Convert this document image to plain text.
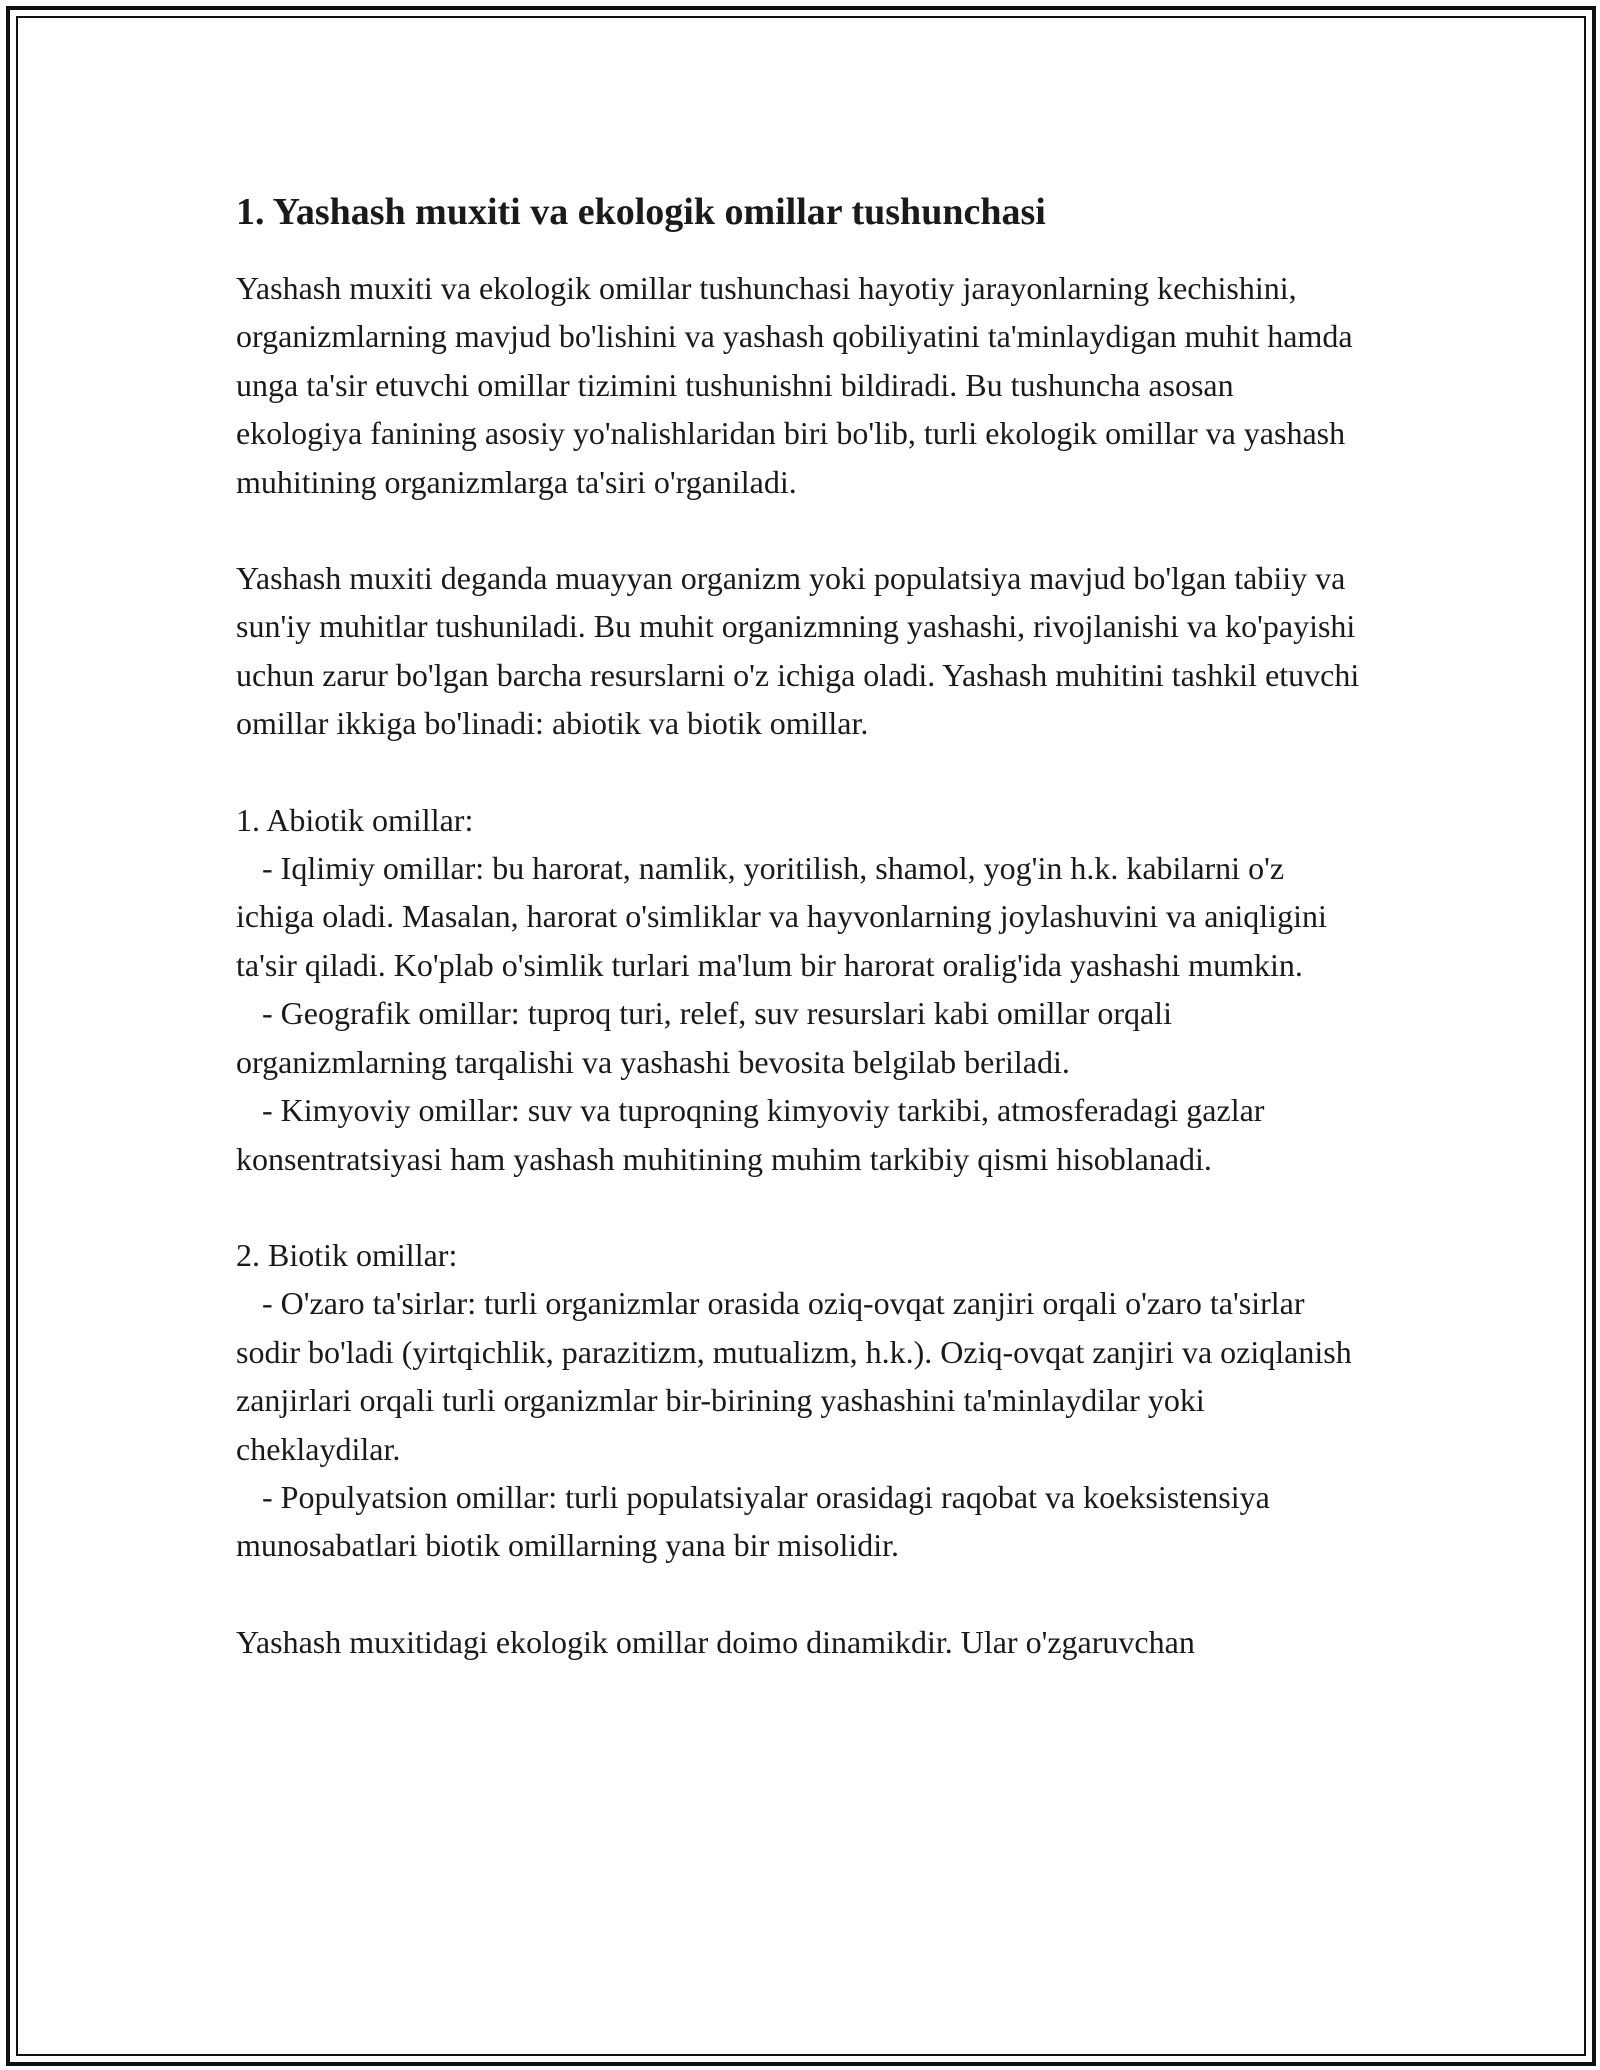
1. Yashash muxiti va ekologik omillar tushunchasi

Yashash muxiti va ekologik omillar tushunchasi hayotiy jarayonlarning kechishini, organizmlarning mavjud bo'lishini va yashash qobiliyatini ta'minlaydigan muhit hamda unga ta'sir etuvchi omillar tizimini tushunishni bildiradi. Bu tushuncha asosan ekologiya fanining asosiy yo'nalishlaridan biri bo'lib, turli ekologik omillar va yashash muhitining organizmlarga ta'siri o'rganiladi.

Yashash muxiti deganda muayyan organizm yoki populatsiya mavjud bo'lgan tabiiy va sun'iy muhitlar tushuniladi. Bu muhit organizmning yashashi, rivojlanishi va ko'payishi uchun zarur bo'lgan barcha resurslarni o'z ichiga oladi. Yashash muhitini tashkil etuvchi omillar ikkiga bo'linadi: abiotik va biotik omillar.

1. Abiotik omillar:
- Iqlimiy omillar: bu harorat, namlik, yoritilish, shamol, yog'in h.k. kabilarni o'z ichiga oladi. Masalan, harorat o'simliklar va hayvonlarning joylashuvini va aniqligini ta'sir qiladi. Ko'plab o'simlik turlari ma'lum bir harorat oralig'ida yashashi mumkin.
- Geografik omillar: tuproq turi, relef, suv resurslari kabi omillar orqali organizmlarning tarqalishi va yashashi bevosita belgilab beriladi.
- Kimyoviy omillar: suv va tuproqning kimyoviy tarkibi, atmosferadagi gazlar konsentratsiyasi ham yashash muhitining muhim tarkibiy qismi hisoblanadi.
2. Biotik omillar:
- O'zaro ta'sirlar: turli organizmlar orasida oziq-ovqat zanjiri orqali o'zaro ta'sirlar sodir bo'ladi (yirtqichlik, parazitizm, mutualizm, h.k.). Oziq-ovqat zanjiri va oziqlanish zanjirlari orqali turli organizmlar bir-birining yashashini ta'minlaydilar yoki cheklaydilar.
- Populyatsion omillar: turli populatsiyalar orasidagi raqobat va koeksistensiya munosabatlari biotik omillarning yana bir misolidir.

Yashash muxitidagi ekologik omillar doimo dinamikdir. Ular o'zgaruvchan
